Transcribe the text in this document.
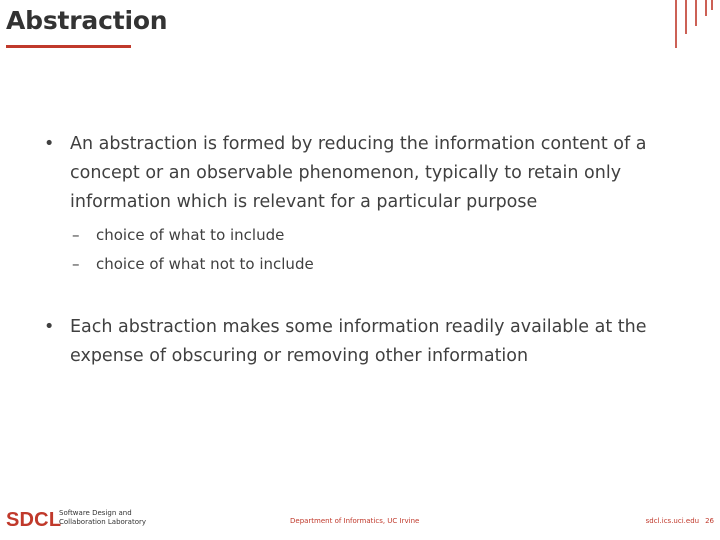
Abstraction
• An abstraction is formed by reducing the information content of a concept or an observable phenomenon, typically to retain only information which is relevant for a particular purpose
– choice of what to include
– choice of what not to include
• Each abstraction makes some information readily available at the expense of obscuring or removing other information
SDCL
Software Design and
Collaboration Laboratory	Department of Informatics, UC Irvine	sdcl.ics.uci.edu 26
